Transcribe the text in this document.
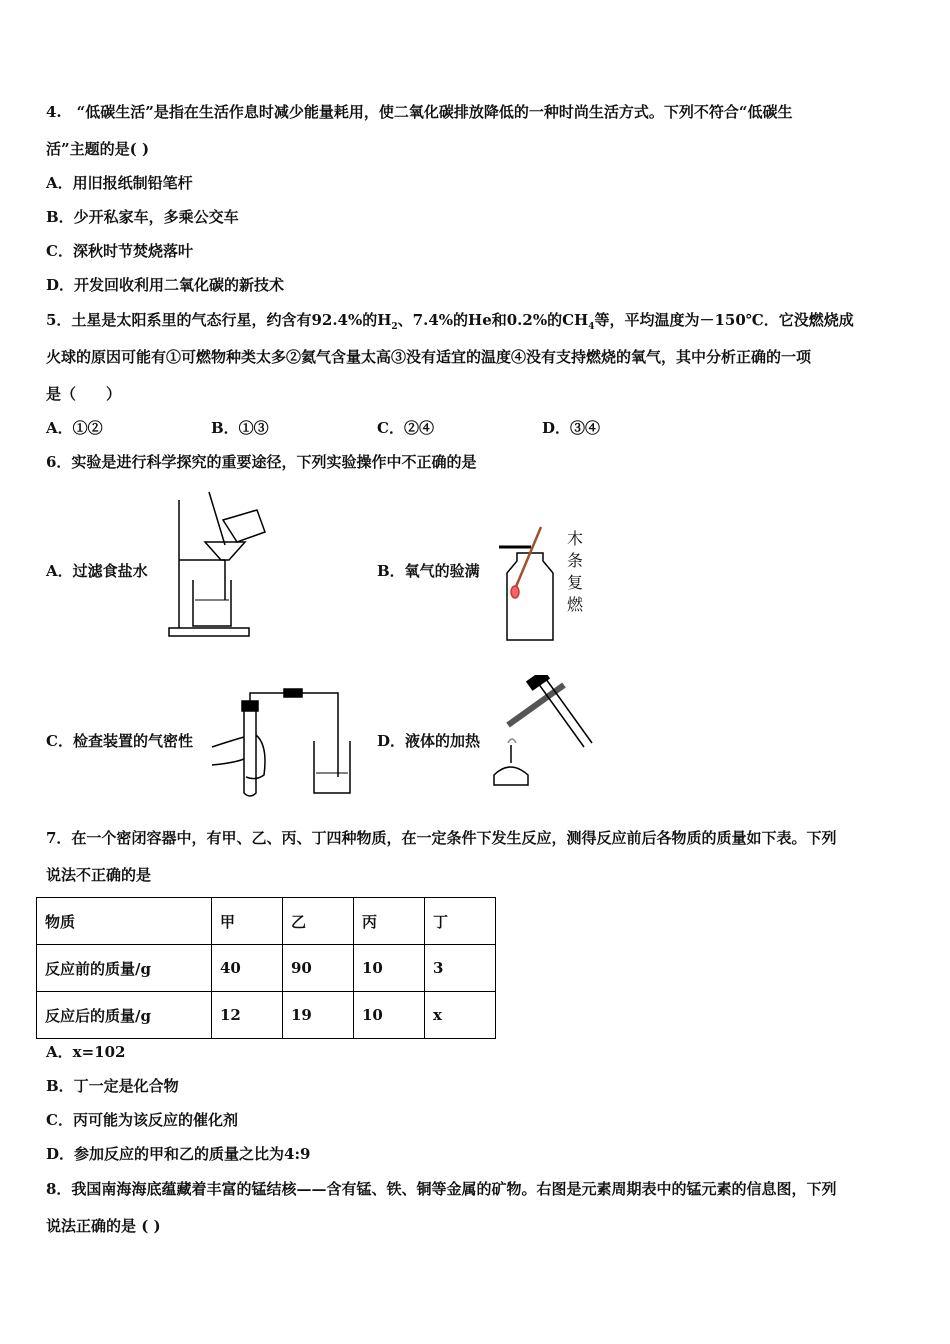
4.　“低碳生活”是指在生活作息时减少能量耗用，使二氧化碳排放降低的一种时尚生活方式。下列不符合“低碳生
活”主题的是( )
A．用旧报纸制铅笔杆
B．少开私家车，多乘公交车
C．深秋时节焚烧落叶
D．开发回收利用二氧化碳的新技术
5．土星是太阳系里的气态行星，约含有92.4%的$H_2$、7.4%的He和0.2%的$CH_4$等，平均温度为－150℃．它没燃烧成
火球的原因可能有①可燃物种类太多②氦气含量太高③没有适宜的温度④没有支持燃烧的氧气，其中分析正确的一项
是（　　）
A．①②	B．①③	C．②④	D．③④
6．实验是进行科学探究的重要途径，下列实验操作中不正确的是
A．过滤食盐水	B．氧气的验满
C．检查装置的气密性	D．液体的加热
木条复燃
7．在一个密闭容器中，有甲、乙、丙、丁四种物质，在一定条件下发生反应，测得反应前后各物质的质量如下表。下列
说法不正确的是
物质	甲	乙	丙	丁
反应前的质量/g	40	90	10	3
反应后的质量/g	12	19	10	x
A．x=102
B．丁一定是化合物
C．丙可能为该反应的催化剂
D．参加反应的甲和乙的质量之比为4:9
8．我国南海海底蕴藏着丰富的锰结核——含有锰、铁、铜等金属的矿物。右图是元素周期表中的锰元素的信息图，下列
说法正确的是 ( )
